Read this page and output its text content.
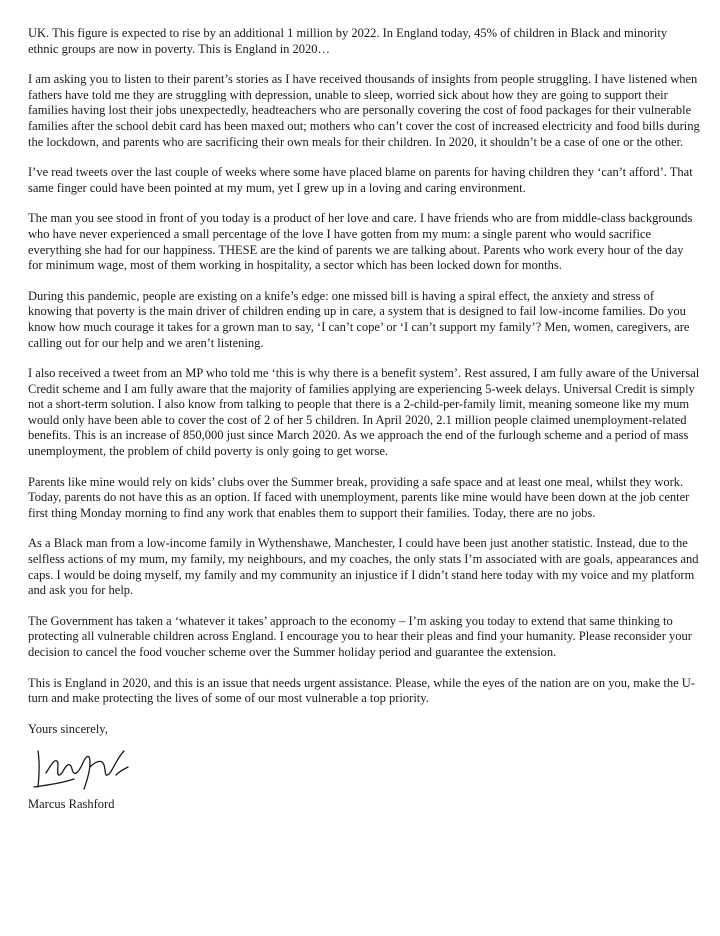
UK. This figure is expected to rise by an additional 1 million by 2022. In England today, 45% of children in Black and minority ethnic groups are now in poverty. This is England in 2020…

I am asking you to listen to their parent’s stories as I have received thousands of insights from people struggling. I have listened when fathers have told me they are struggling with depression, unable to sleep, worried sick about how they are going to support their families having lost their jobs unexpectedly, headteachers who are personally covering the cost of food packages for their vulnerable families after the school debit card has been maxed out; mothers who can’t cover the cost of increased electricity and food bills during the lockdown, and parents who are sacrificing their own meals for their children. In 2020, it shouldn’t be a case of one or the other.

I’ve read tweets over the last couple of weeks where some have placed blame on parents for having children they ‘can’t afford’. That same finger could have been pointed at my mum, yet I grew up in a loving and caring environment.

The man you see stood in front of you today is a product of her love and care. I have friends who are from middle-class backgrounds who have never experienced a small percentage of the love I have gotten from my mum: a single parent who would sacrifice everything she had for our happiness. THESE are the kind of parents we are talking about. Parents who work every hour of the day for minimum wage, most of them working in hospitality, a sector which has been locked down for months.

During this pandemic, people are existing on a knife’s edge: one missed bill is having a spiral effect, the anxiety and stress of knowing that poverty is the main driver of children ending up in care, a system that is designed to fail low-income families. Do you know how much courage it takes for a grown man to say, ‘I can’t cope’ or ‘I can’t support my family’? Men, women, caregivers, are calling out for our help and we aren’t listening.

I also received a tweet from an MP who told me ‘this is why there is a benefit system’. Rest assured, I am fully aware of the Universal Credit scheme and I am fully aware that the majority of families applying are experiencing 5-week delays. Universal Credit is simply not a short-term solution. I also know from talking to people that there is a 2-child-per-family limit, meaning someone like my mum would only have been able to cover the cost of 2 of her 5 children. In April 2020, 2.1 million people claimed unemployment-related benefits. This is an increase of 850,000 just since March 2020. As we approach the end of the furlough scheme and a period of mass unemployment, the problem of child poverty is only going to get worse.

Parents like mine would rely on kids’ clubs over the Summer break, providing a safe space and at least one meal, whilst they work. Today, parents do not have this as an option. If faced with unemployment, parents like mine would have been down at the job center first thing Monday morning to find any work that enables them to support their families. Today, there are no jobs.

As a Black man from a low-income family in Wythenshawe, Manchester, I could have been just another statistic. Instead, due to the selfless actions of my mum, my family, my neighbours, and my coaches, the only stats I’m associated with are goals, appearances and caps. I would be doing myself, my family and my community an injustice if I didn’t stand here today with my voice and my platform and ask you for help.

The Government has taken a ‘whatever it takes’ approach to the economy – I’m asking you today to extend that same thinking to protecting all vulnerable children across England. I encourage you to hear their pleas and find your humanity. Please reconsider your decision to cancel the food voucher scheme over the Summer holiday period and guarantee the extension.

This is England in 2020, and this is an issue that needs urgent assistance. Please, while the eyes of the nation are on you, make the U-turn and make protecting the lives of some of our most vulnerable a top priority.

Yours sincerely,

Marcus Rashford
